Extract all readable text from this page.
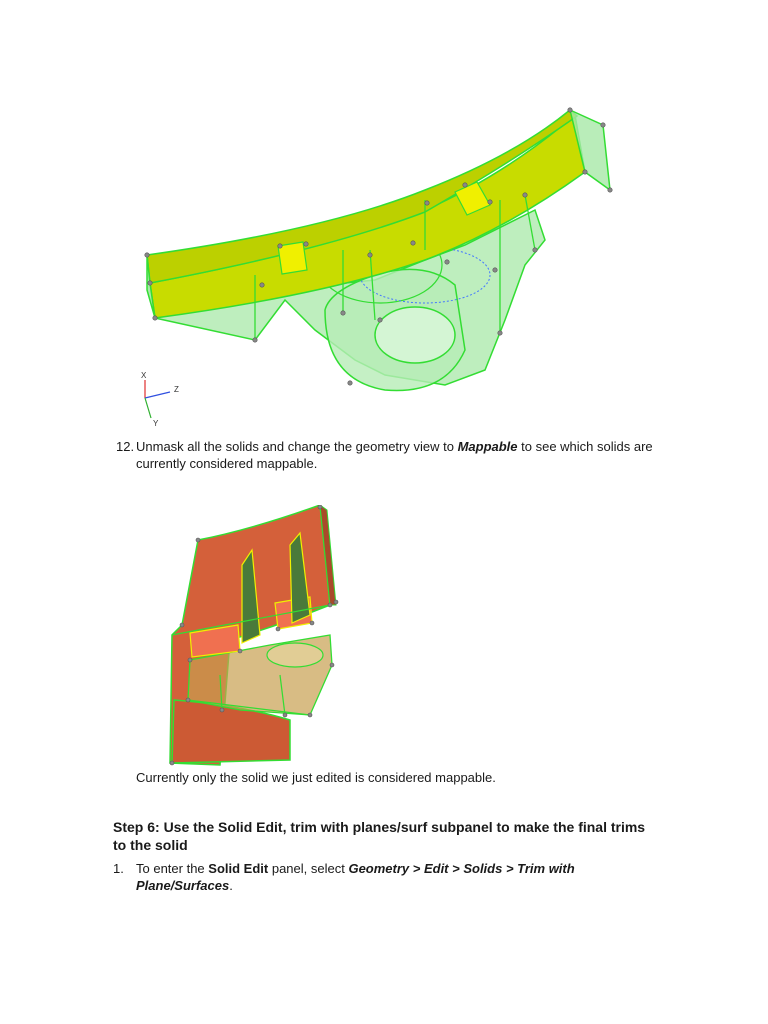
X
Z
Y
12. Unmask all the solids and change the geometry view to Mappable to see which solids are currently considered mappable.
Currently only the solid we just edited is considered mappable.
Step 6: Use the Solid Edit, trim with planes/surf subpanel to make the final trims to the solid
1. To enter the Solid Edit panel, select Geometry > Edit > Solids > Trim with Plane/Surfaces.
